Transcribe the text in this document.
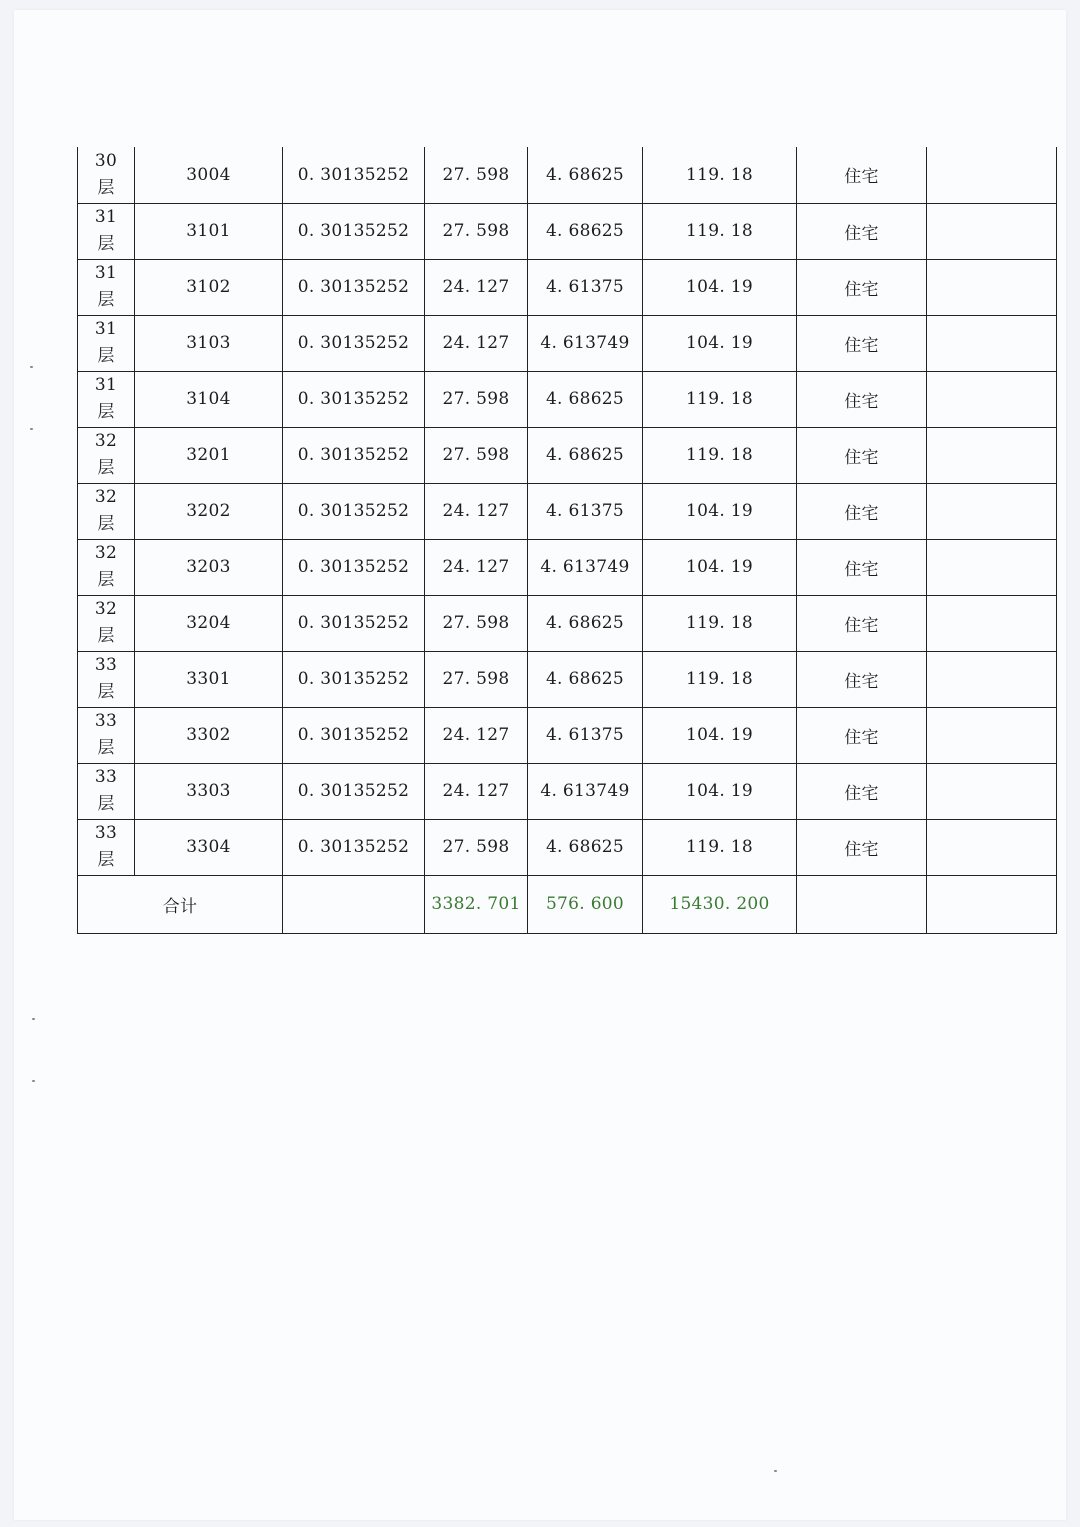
30
层	3004	0. 30135252	27. 598	4. 68625	119. 18	住宅	

31
层	3101	0. 30135252	27. 598	4. 68625	119. 18	住宅	

31
层	3102	0. 30135252	24. 127	4. 61375	104. 19	住宅	

31
层	3103	0. 30135252	24. 127	4. 613749	104. 19	住宅	

31
层	3104	0. 30135252	27. 598	4. 68625	119. 18	住宅	

32
层	3201	0. 30135252	27. 598	4. 68625	119. 18	住宅	

32
层	3202	0. 30135252	24. 127	4. 61375	104. 19	住宅	

32
层	3203	0. 30135252	24. 127	4. 613749	104. 19	住宅	

32
层	3204	0. 30135252	27. 598	4. 68625	119. 18	住宅	

33
层	3301	0. 30135252	27. 598	4. 68625	119. 18	住宅	

33
层	3302	0. 30135252	24. 127	4. 61375	104. 19	住宅	

33
层	3303	0. 30135252	24. 127	4. 613749	104. 19	住宅	

33
层	3304	0. 30135252	27. 598	4. 68625	119. 18	住宅	
合计			3382. 701	576. 600	15430. 200		
